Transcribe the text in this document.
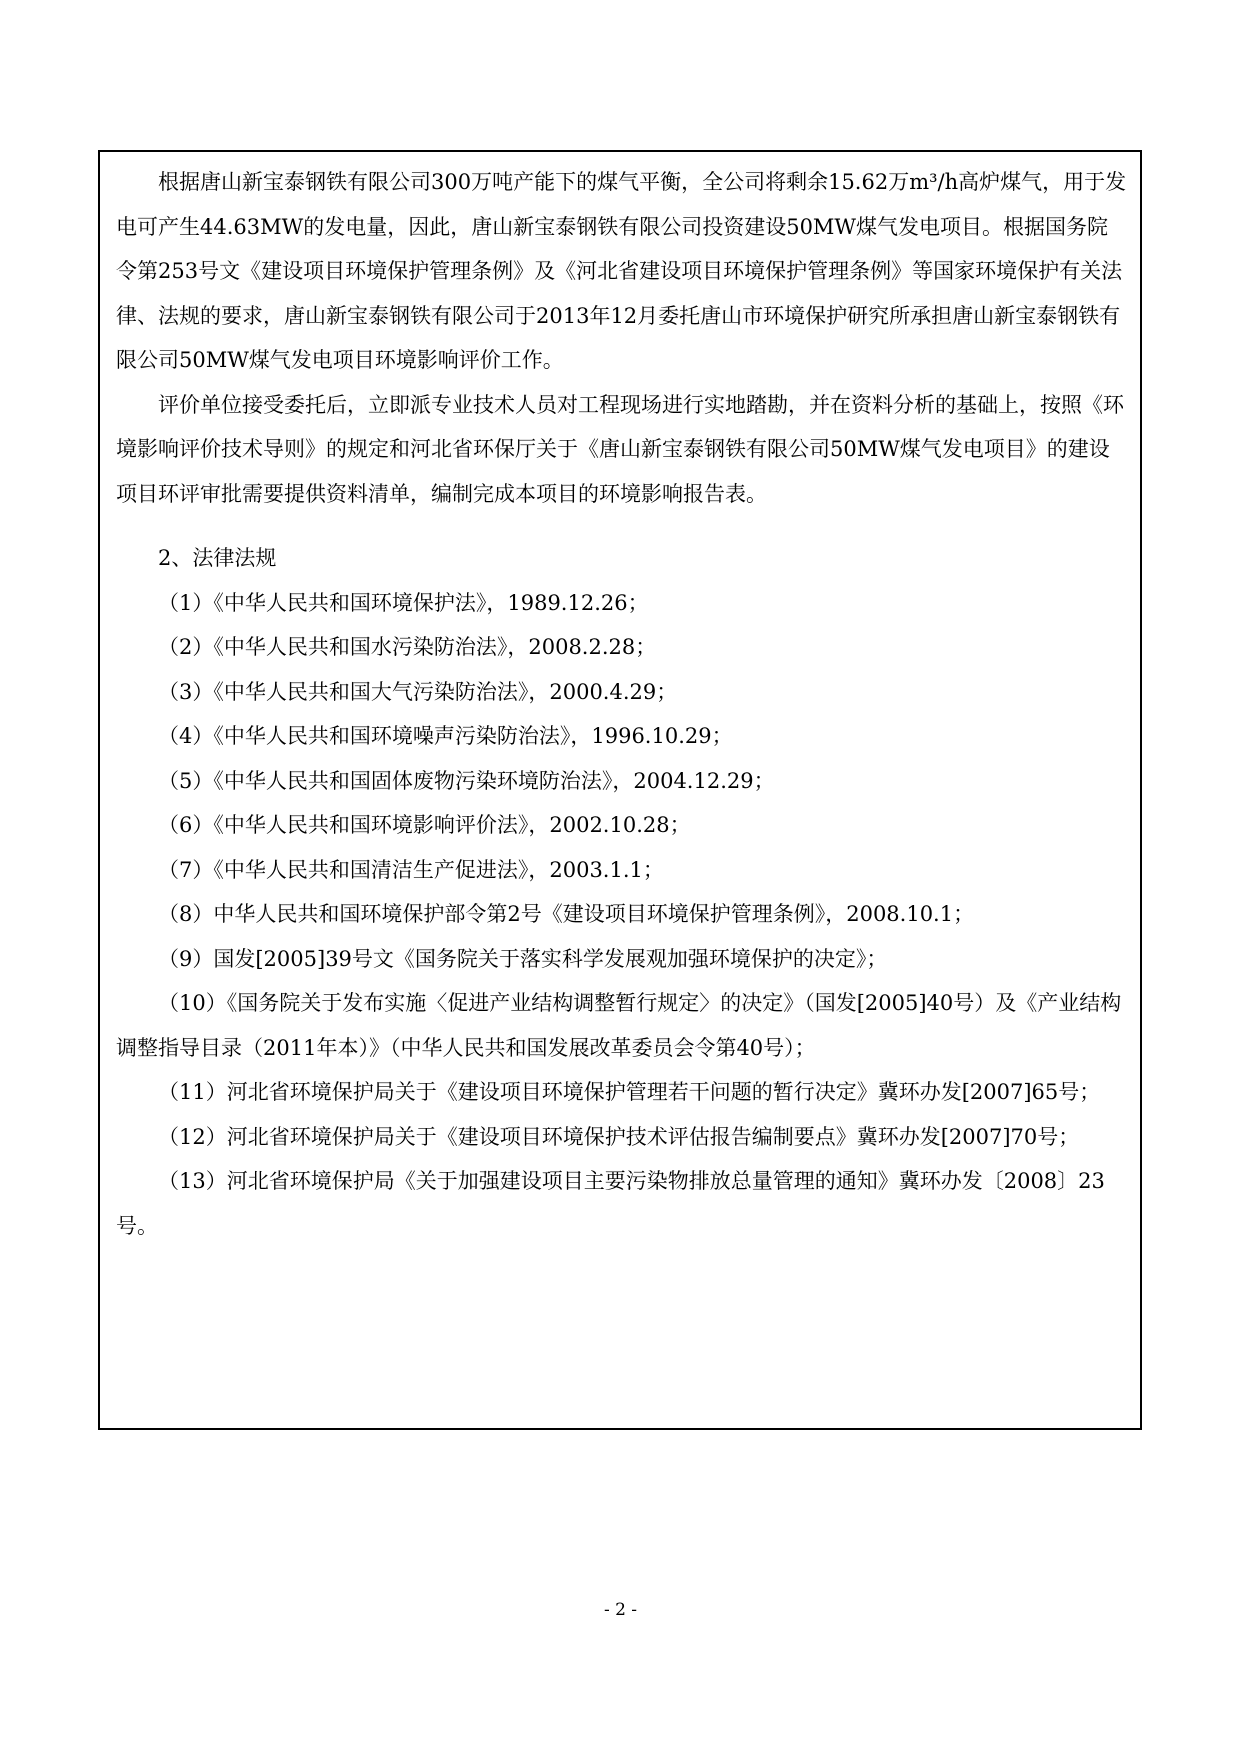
根据唐山新宝泰钢铁有限公司300万吨产能下的煤气平衡，全公司将剩余15.62万m³/h高炉煤气，用于发电可产生44.63MW的发电量，因此，唐山新宝泰钢铁有限公司投资建设50MW煤气发电项目。根据国务院令第253号文《建设项目环境保护管理条例》及《河北省建设项目环境保护管理条例》等国家环境保护有关法律、法规的要求，唐山新宝泰钢铁有限公司于2013年12月委托唐山市环境保护研究所承担唐山新宝泰钢铁有限公司50MW煤气发电项目环境影响评价工作。

评价单位接受委托后，立即派专业技术人员对工程现场进行实地踏勘，并在资料分析的基础上，按照《环境影响评价技术导则》的规定和河北省环保厅关于《唐山新宝泰钢铁有限公司50MW煤气发电项目》的建设项目环评审批需要提供资料清单，编制完成本项目的环境影响报告表。

2、法律法规

（1）《中华人民共和国环境保护法》，1989.12.26；

（2）《中华人民共和国水污染防治法》，2008.2.28；

（3）《中华人民共和国大气污染防治法》，2000.4.29；

（4）《中华人民共和国环境噪声污染防治法》，1996.10.29；

（5）《中华人民共和国固体废物污染环境防治法》，2004.12.29；

（6）《中华人民共和国环境影响评价法》，2002.10.28；

（7）《中华人民共和国清洁生产促进法》，2003.1.1；

（8）中华人民共和国环境保护部令第2号《建设项目环境保护管理条例》，2008.10.1；

（9）国发[2005]39号文《国务院关于落实科学发展观加强环境保护的决定》；

（10）《国务院关于发布实施〈促进产业结构调整暂行规定〉的决定》（国发[2005]40号）及《产业结构调整指导目录（2011年本）》（中华人民共和国发展改革委员会令第40号）；

（11）河北省环境保护局关于《建设项目环境保护管理若干问题的暂行决定》冀环办发[2007]65号；

（12）河北省环境保护局关于《建设项目环境保护技术评估报告编制要点》冀环办发[2007]70号；

（13）河北省环境保护局《关于加强建设项目主要污染物排放总量管理的通知》冀环办发〔2008〕23号。

- 2 -
